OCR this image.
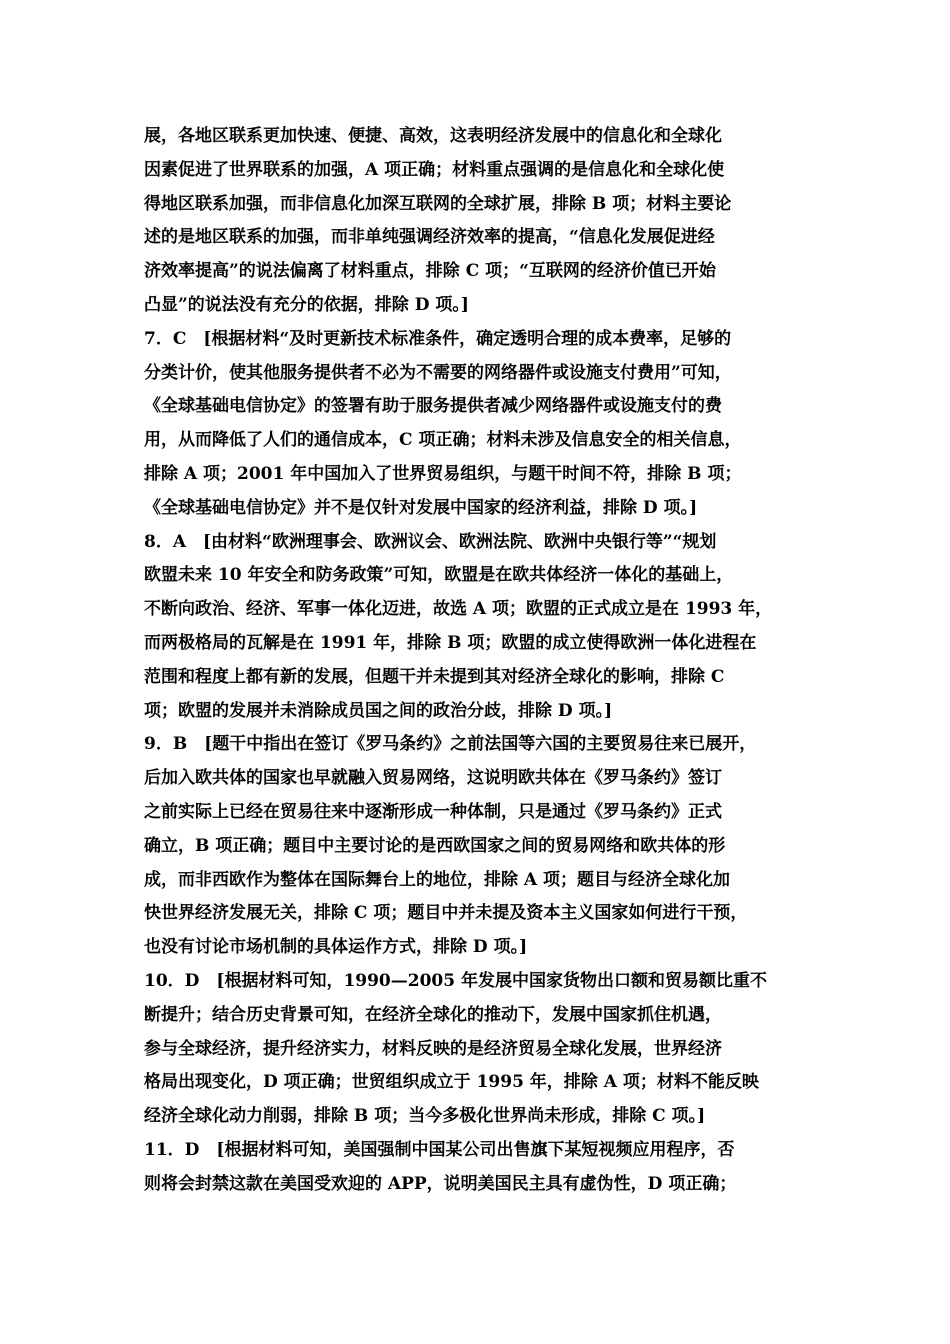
展，各地区联系更加快速、便捷、高效，这表明经济发展中的信息化和全球化
因素促进了世界联系的加强，A 项正确；材料重点强调的是信息化和全球化使
得地区联系加强，而非信息化加深互联网的全球扩展，排除 B 项；材料主要论
述的是地区联系的加强，而非单纯强调经济效率的提高，“信息化发展促进经
济效率提高”的说法偏离了材料重点，排除 C 项；“互联网的经济价值已开始
凸显”的说法没有充分的依据，排除 D 项。]
7．C　[根据材料“及时更新技术标准条件，确定透明合理的成本费率，足够的
分类计价，使其他服务提供者不必为不需要的网络器件或设施支付费用”可知，
《全球基础电信协定》的签署有助于服务提供者减少网络器件或设施支付的费
用，从而降低了人们的通信成本，C 项正确；材料未涉及信息安全的相关信息，
排除 A 项；2001 年中国加入了世界贸易组织，与题干时间不符，排除 B 项；
《全球基础电信协定》并不是仅针对发展中国家的经济利益，排除 D 项。]
8．A　[由材料“欧洲理事会、欧洲议会、欧洲法院、欧洲中央银行等”“规划
欧盟未来 10 年安全和防务政策”可知，欧盟是在欧共体经济一体化的基础上，
不断向政治、经济、军事一体化迈进，故选 A 项；欧盟的正式成立是在 1993 年，
而两极格局的瓦解是在 1991 年，排除 B 项；欧盟的成立使得欧洲一体化进程在
范围和程度上都有新的发展，但题干并未提到其对经济全球化的影响，排除 C
项；欧盟的发展并未消除成员国之间的政治分歧，排除 D 项。]
9．B　[题干中指出在签订《罗马条约》之前法国等六国的主要贸易往来已展开，
后加入欧共体的国家也早就融入贸易网络，这说明欧共体在《罗马条约》签订
之前实际上已经在贸易往来中逐渐形成一种体制，只是通过《罗马条约》正式
确立，B 项正确；题目中主要讨论的是西欧国家之间的贸易网络和欧共体的形
成，而非西欧作为整体在国际舞台上的地位，排除 A 项；题目与经济全球化加
快世界经济发展无关，排除 C 项；题目中并未提及资本主义国家如何进行干预，
也没有讨论市场机制的具体运作方式，排除 D 项。]
10．D　[根据材料可知，1990—2005 年发展中国家货物出口额和贸易额比重不
断提升；结合历史背景可知，在经济全球化的推动下，发展中国家抓住机遇，
参与全球经济，提升经济实力，材料反映的是经济贸易全球化发展，世界经济
格局出现变化，D 项正确；世贸组织成立于 1995 年，排除 A 项；材料不能反映
经济全球化动力削弱，排除 B 项；当今多极化世界尚未形成，排除 C 项。]
11．D　[根据材料可知，美国强制中国某公司出售旗下某短视频应用程序，否
则将会封禁这款在美国受欢迎的 APP，说明美国民主具有虚伪性，D 项正确；
